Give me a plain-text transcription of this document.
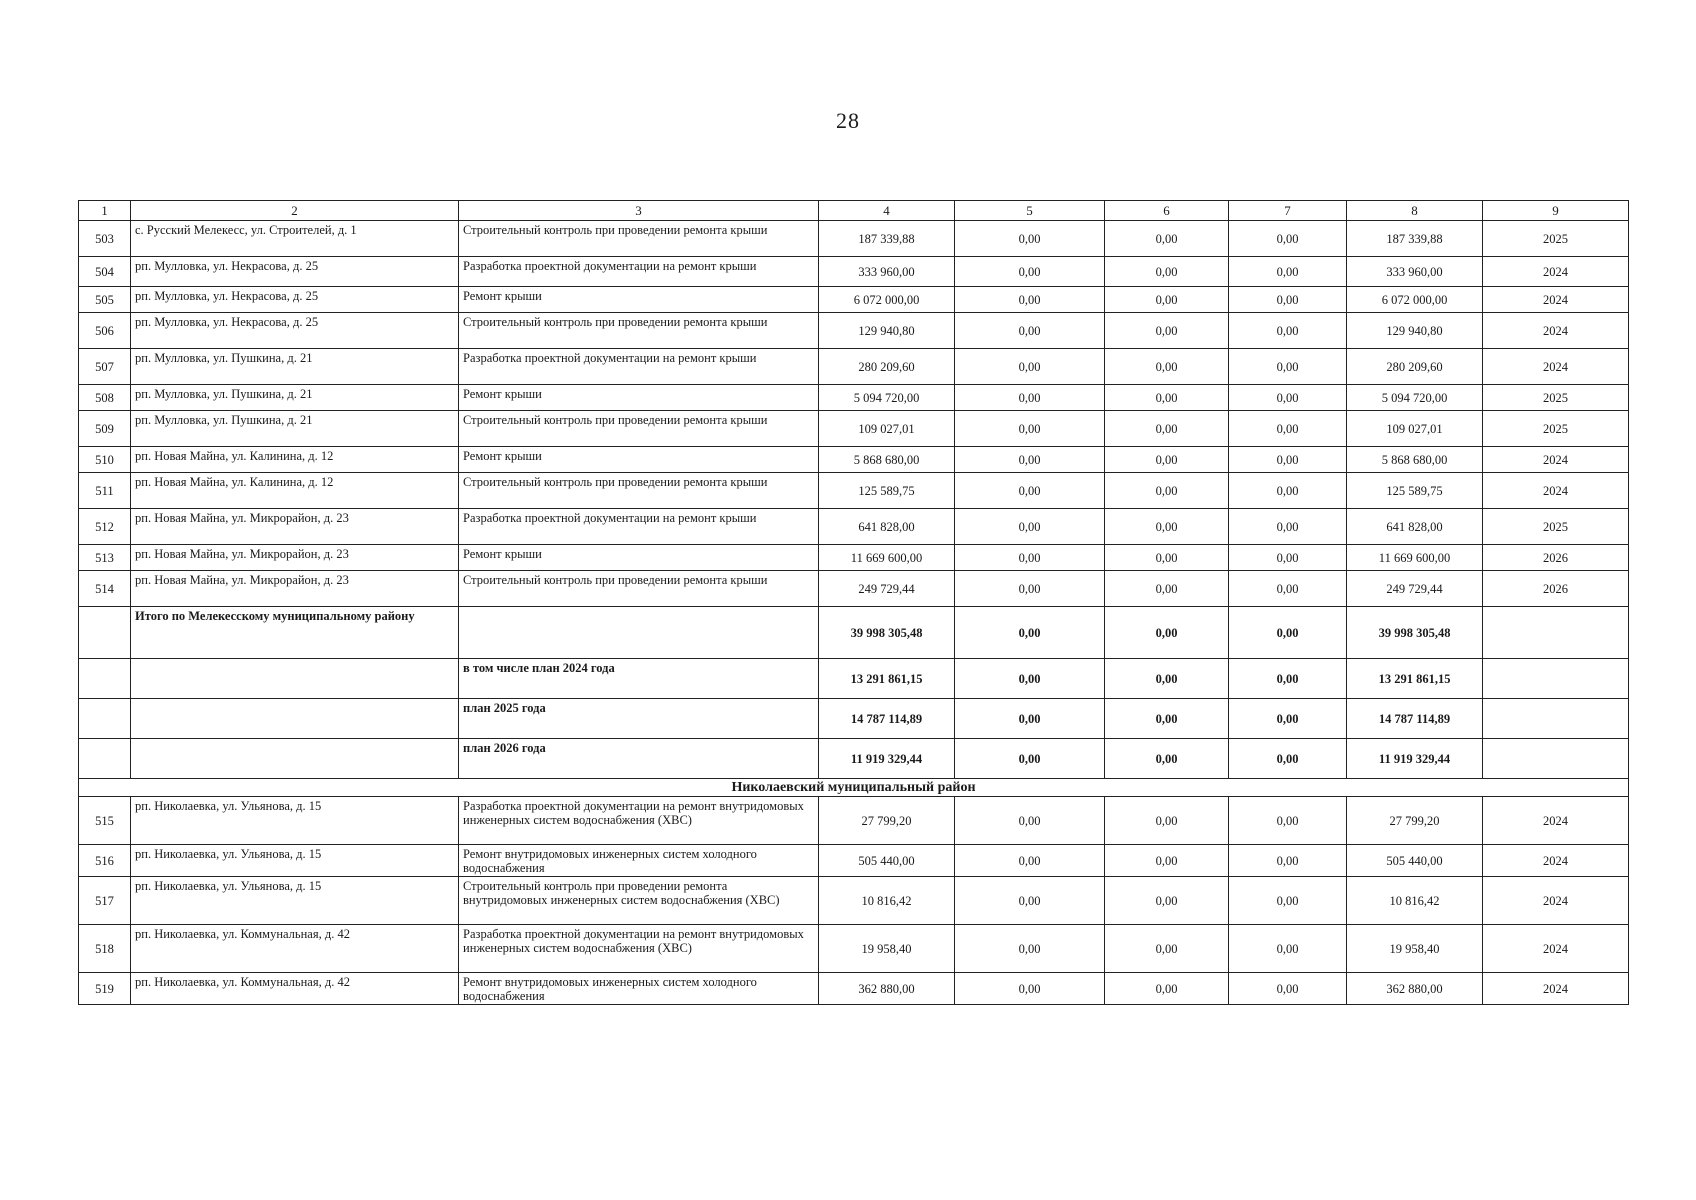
28
1	2	3	4	5	6	7	8	9
503	с. Русский Мелекесс, ул. Строителей, д. 1	Строительный контроль при проведении ремонта крыши	187 339,88	0,00	0,00	0,00	187 339,88	2025
504	рп. Мулловка, ул. Некрасова, д. 25	Разработка проектной документации на ремонт крыши	333 960,00	0,00	0,00	0,00	333 960,00	2024
505	рп. Мулловка, ул. Некрасова, д. 25	Ремонт крыши	6 072 000,00	0,00	0,00	0,00	6 072 000,00	2024
506	рп. Мулловка, ул. Некрасова, д. 25	Строительный контроль при проведении ремонта крыши	129 940,80	0,00	0,00	0,00	129 940,80	2024
507	рп. Мулловка, ул. Пушкина, д. 21	Разработка проектной документации на ремонт крыши	280 209,60	0,00	0,00	0,00	280 209,60	2024
508	рп. Мулловка, ул. Пушкина, д. 21	Ремонт крыши	5 094 720,00	0,00	0,00	0,00	5 094 720,00	2025
509	рп. Мулловка, ул. Пушкина, д. 21	Строительный контроль при проведении ремонта крыши	109 027,01	0,00	0,00	0,00	109 027,01	2025
510	рп. Новая Майна, ул. Калинина, д. 12	Ремонт крыши	5 868 680,00	0,00	0,00	0,00	5 868 680,00	2024
511	рп. Новая Майна, ул. Калинина, д. 12	Строительный контроль при проведении ремонта крыши	125 589,75	0,00	0,00	0,00	125 589,75	2024
512	рп. Новая Майна, ул. Микрорайон, д. 23	Разработка проектной документации на ремонт крыши	641 828,00	0,00	0,00	0,00	641 828,00	2025
513	рп. Новая Майна, ул. Микрорайон, д. 23	Ремонт крыши	11 669 600,00	0,00	0,00	0,00	11 669 600,00	2026
514	рп. Новая Майна, ул. Микрорайон, д. 23	Строительный контроль при проведении ремонта крыши	249 729,44	0,00	0,00	0,00	249 729,44	2026
	Итого по Мелекесскому муниципальному району		39 998 305,48	0,00	0,00	0,00	39 998 305,48	
		в том числе план 2024 года	13 291 861,15	0,00	0,00	0,00	13 291 861,15	
		план 2025 года	14 787 114,89	0,00	0,00	0,00	14 787 114,89	
		план 2026 года	11 919 329,44	0,00	0,00	0,00	11 919 329,44	
Николаевский муниципальный район								
515	рп. Николаевка, ул. Ульянова, д. 15	Разработка проектной документации на ремонт внутридомовых инженерных систем водоснабжения (ХВС)	27 799,20	0,00	0,00	0,00	27 799,20	2024
516	рп. Николаевка, ул. Ульянова, д. 15	Ремонт внутридомовых инженерных систем холодного водоснабжения	505 440,00	0,00	0,00	0,00	505 440,00	2024
517	рп. Николаевка, ул. Ульянова, д. 15	Строительный контроль при проведении ремонта внутридомовых инженерных систем водоснабжения (ХВС)	10 816,42	0,00	0,00	0,00	10 816,42	2024
518	рп. Николаевка, ул. Коммунальная, д. 42	Разработка проектной документации на ремонт внутридомовых инженерных систем водоснабжения (ХВС)	19 958,40	0,00	0,00	0,00	19 958,40	2024
519	рп. Николаевка, ул. Коммунальная, д. 42	Ремонт внутридомовых инженерных систем холодного водоснабжения	362 880,00	0,00	0,00	0,00	362 880,00	2024
